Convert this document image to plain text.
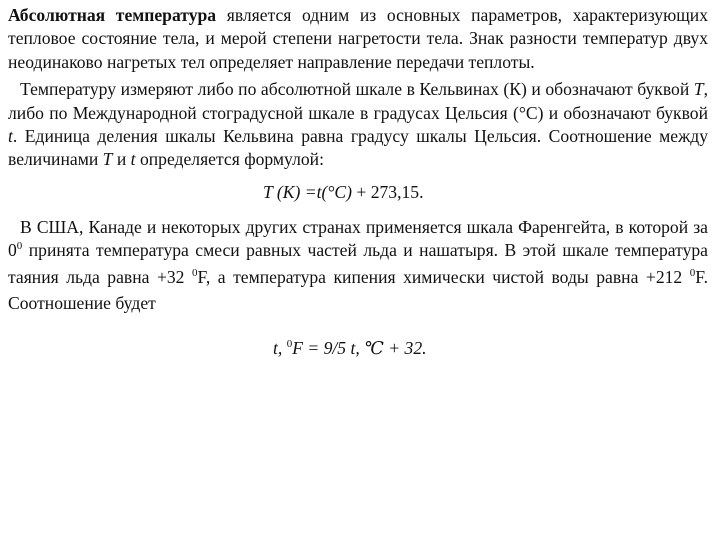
Абсолютная температура является одним из основных параметров, характеризующих тепловое состояние тела, и мерой степени нагретости тела. Знак разности температур двух неодинаково нагретых тел определяет направление передачи теплоты.

Температуру измеряют либо по абсолютной шкале в Кельвинах (К) и обозначают буквой T, либо по Международной стоградусной шкале в градусах Цельсия (°С) и обозначают буквой t. Единица деления шкалы Кельвина равна градусу шкалы Цельсия. Соотношение между величинами T и t определяется формулой:

T (K) =t(°C) + 273,15.

В США, Канаде и некоторых других странах применяется шкала Фаренгейта, в которой за $0^0$ принята температура смеси равных частей льда и нашатыря. В этой шкале температура таяния льда равна +32 $^0$F, а температура кипения химически чистой воды равна +212 $^0$F. Соотношение будет

t, $^0$F = 9/5 t, ℃ + 32.
